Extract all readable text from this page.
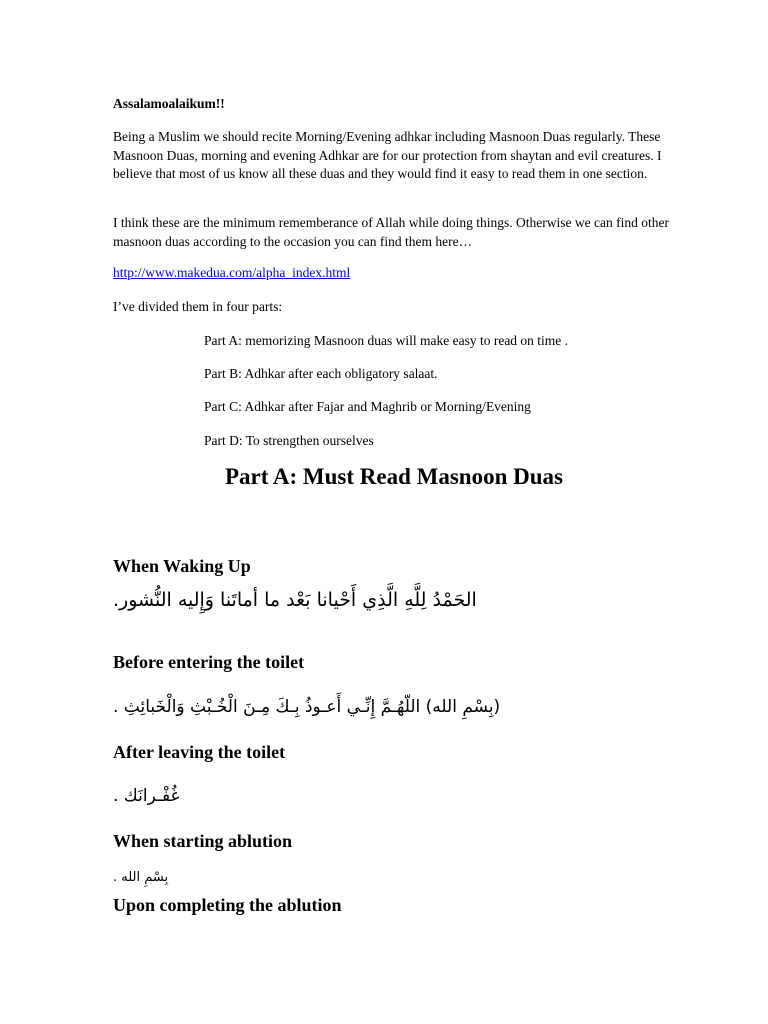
Assalamoalaikum!!

Being a Muslim we should recite Morning/Evening adhkar including Masnoon Duas regularly. These Masnoon Duas, morning and evening Adhkar are for our protection from shaytan and evil creatures. I believe that most of us know all these duas and they would find it easy to read them in one section.

I think these are the minimum rememberance of Allah while doing things. Otherwise we can find other masnoon duas according to the occasion you can find them here…

http://www.makedua.com/alpha_index.html
I’ve divided them in four parts:
Part A: memorizing Masnoon duas will make easy to read on time .
Part B: Adhkar after each obligatory salaat.
Part C: Adhkar after Fajar and Maghrib or Morning/Evening
Part D: To strengthen ourselves
Part A: Must Read Masnoon Duas
When Waking Up
الحَمْدُ لِلَّهِ الَّذِي أَحْيانا بَعْد ما أماتَنا وَإِليه النُّشور.
Before entering the toilet
(بِسْمِ الله) اللّهُـمَّ إِنِّـي أَعـوذُ بِـكَ مِـنَ الْخُـبْثِ وَالْخَبائِثِ .
After leaving the toilet
غُفْـرانَك .
When starting ablution
بِسْمِ الله .
Upon completing the ablution
